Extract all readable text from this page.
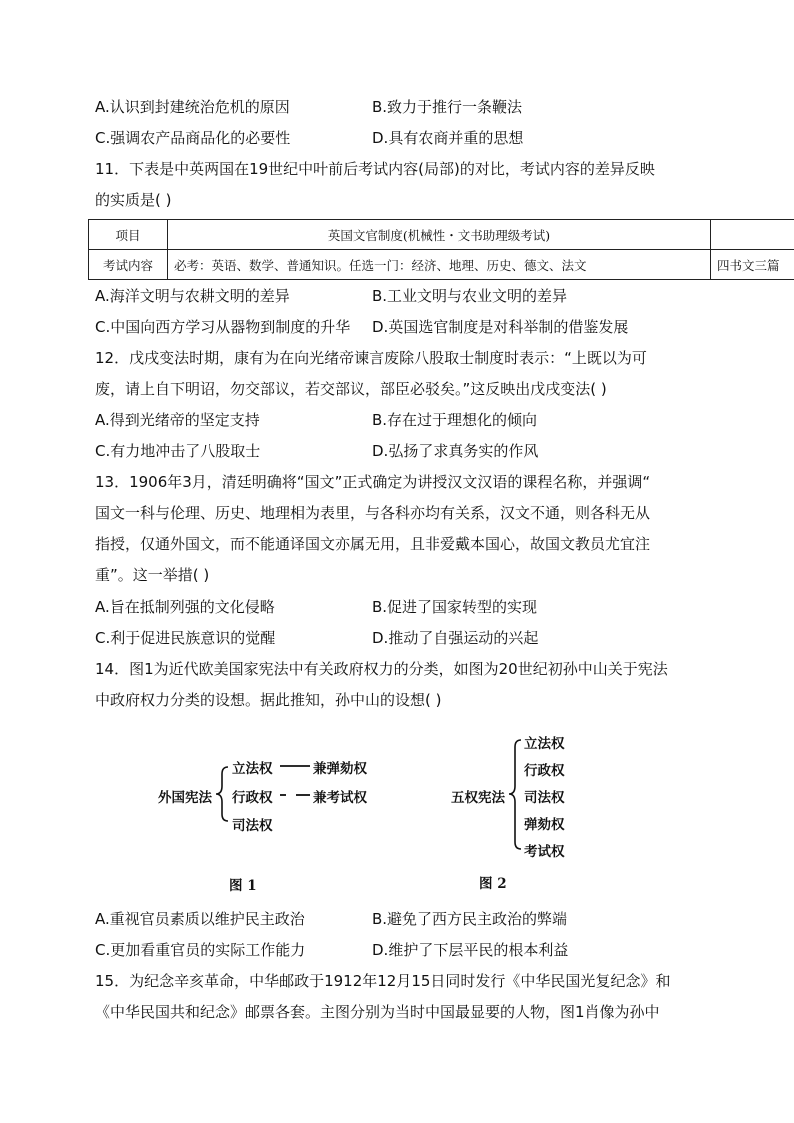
A.认识到封建统治危机的原因	B.致力于推行一条鞭法
C.强调农产品商品化的必要性	D.具有农商并重的思想
11．下表是中英两国在19世纪中叶前后考试内容(局部)的对比，考试内容的差异反映
的实质是( )
项目	英国文官制度(机械性・文书助理级考试)	
考试内容	必考：英语、数学、普通知识。任选一门：经济、地理、历史、德文、法文	四书文三篇
A.海洋文明与农耕文明的差异	B.工业文明与农业文明的差异
C.中国向西方学习从器物到制度的升华 D.英国选官制度是对科举制的借鉴发展
12．戊戌变法时期，康有为在向光绪帝谏言废除八股取士制度时表示：“上既以为可
废，请上自下明诏，勿交部议，若交部议，部臣必驳矣。”这反映出戊戌变法( )
A.得到光绪帝的坚定支持	B.存在过于理想化的倾向
C.有力地冲击了八股取士	D.弘扬了求真务实的作风
13．1906年3月，清廷明确将“国文”正式确定为讲授汉文汉语的课程名称，并强调“
国文一科与伦理、历史、地理相为表里，与各科亦均有关系，汉文不通，则各科无从
指授，仅通外国文，而不能通译国文亦属无用，且非爱戴本国心，故国文教员尤宜注
重”。这一举措( )
A.旨在抵制列强的文化侵略	B.促进了国家转型的实现
C.利于促进民族意识的觉醒	D.推动了自强运动的兴起
14．图1为近代欧美国家宪法中有关政府权力的分类，如图为20世纪初孙中山关于宪法
中政府权力分类的设想。据此推知，孙中山的设想( )
外国宪法
立法权
行政权
司法权
兼弹劾权
兼考试权
图 1
五权宪法
立法权
行政权
司法权
弹劾权
考试权
图 2
A.重视官员素质以维护民主政治	B.避免了西方民主政治的弊端
C.更加看重官员的实际工作能力	D.维护了下层平民的根本利益
15．为纪念辛亥革命，中华邮政于1912年12月15日同时发行《中华民国光复纪念》和
《中华民国共和纪念》邮票各套。主图分别为当时中国最显要的人物，图1肖像为孙中
